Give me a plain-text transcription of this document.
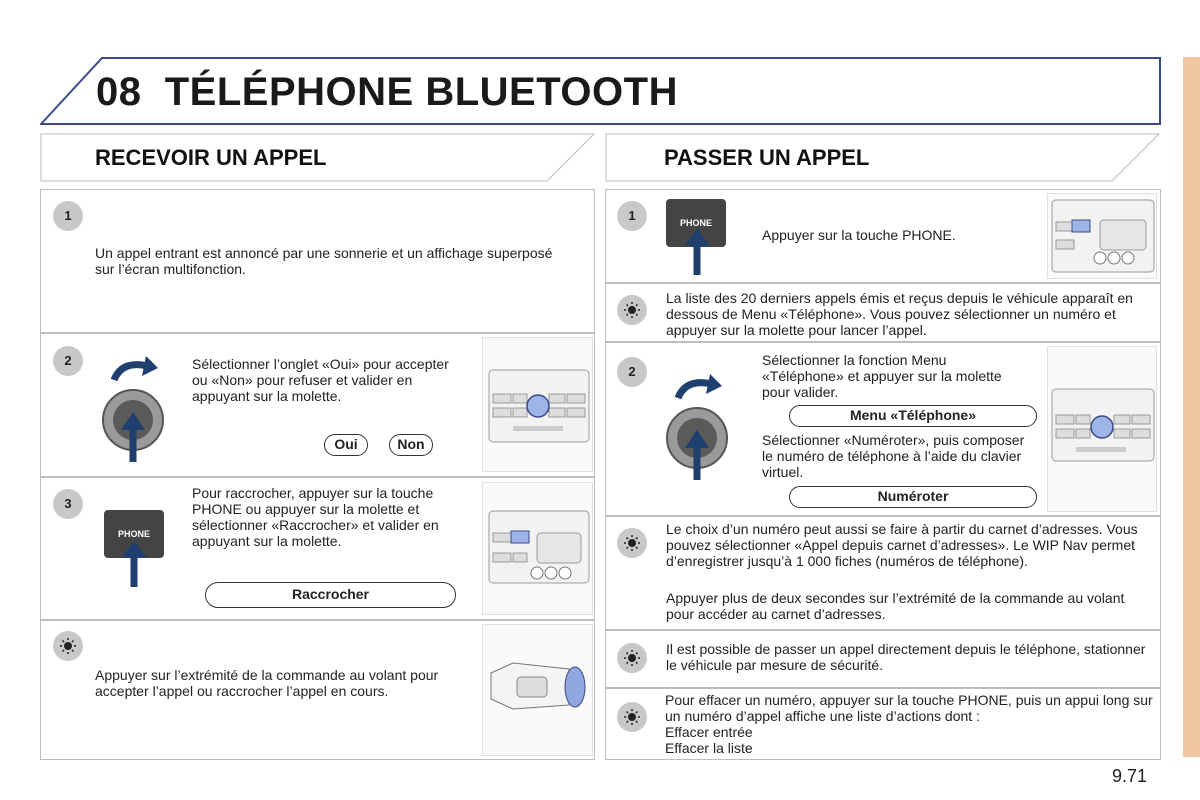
08 TÉLÉPHONE BLUETOOTH
RECEVOIR UN APPEL	PASSER UN APPEL
1
Un appel entrant est annoncé par une sonnerie et un affichage superposé sur l’écran multifonction.
2	Sélectionner l’onglet «Oui» pour accepter ou «Non» pour refuser et valider en appuyant sur la molette.
Oui	Non
3
PHONE
Pour raccrocher, appuyer sur la touche PHONE ou appuyer sur la molette et sélectionner «Raccrocher» et valider en appuyant sur la molette.
Raccrocher
Appuyer sur l’extrémité de la commande au volant pour accepter l’appel ou raccrocher l’appel en cours.
1	PHONE
Appuyer sur la touche PHONE.
La liste des 20 derniers appels émis et reçus depuis le véhicule apparaît en dessous de Menu «Téléphone». Vous pouvez sélectionner un numéro et appuyer sur la molette pour lancer l’appel.
2
Sélectionner la fonction Menu «Téléphone» et appuyer sur la molette pour valider.
Menu «Téléphone»
Sélectionner «Numéroter», puis composer le numéro de téléphone à l’aide du clavier virtuel.
Numéroter
Le choix d’un numéro peut aussi se faire à partir du carnet d’adresses. Vous pouvez sélectionner «Appel depuis carnet d’adresses». Le WIP Nav permet d’enregistrer jusqu’à 1 000 fiches (numéros de téléphone).
Appuyer plus de deux secondes sur l’extrémité de la commande au volant pour accéder au carnet d’adresses.
Il est possible de passer un appel directement depuis le téléphone, stationner le véhicule par mesure de sécurité.
Pour effacer un numéro, appuyer sur la touche PHONE, puis un appui long sur un numéro d’appel affiche une liste d’actions dont :
Effacer entrée
Effacer la liste
9.71
